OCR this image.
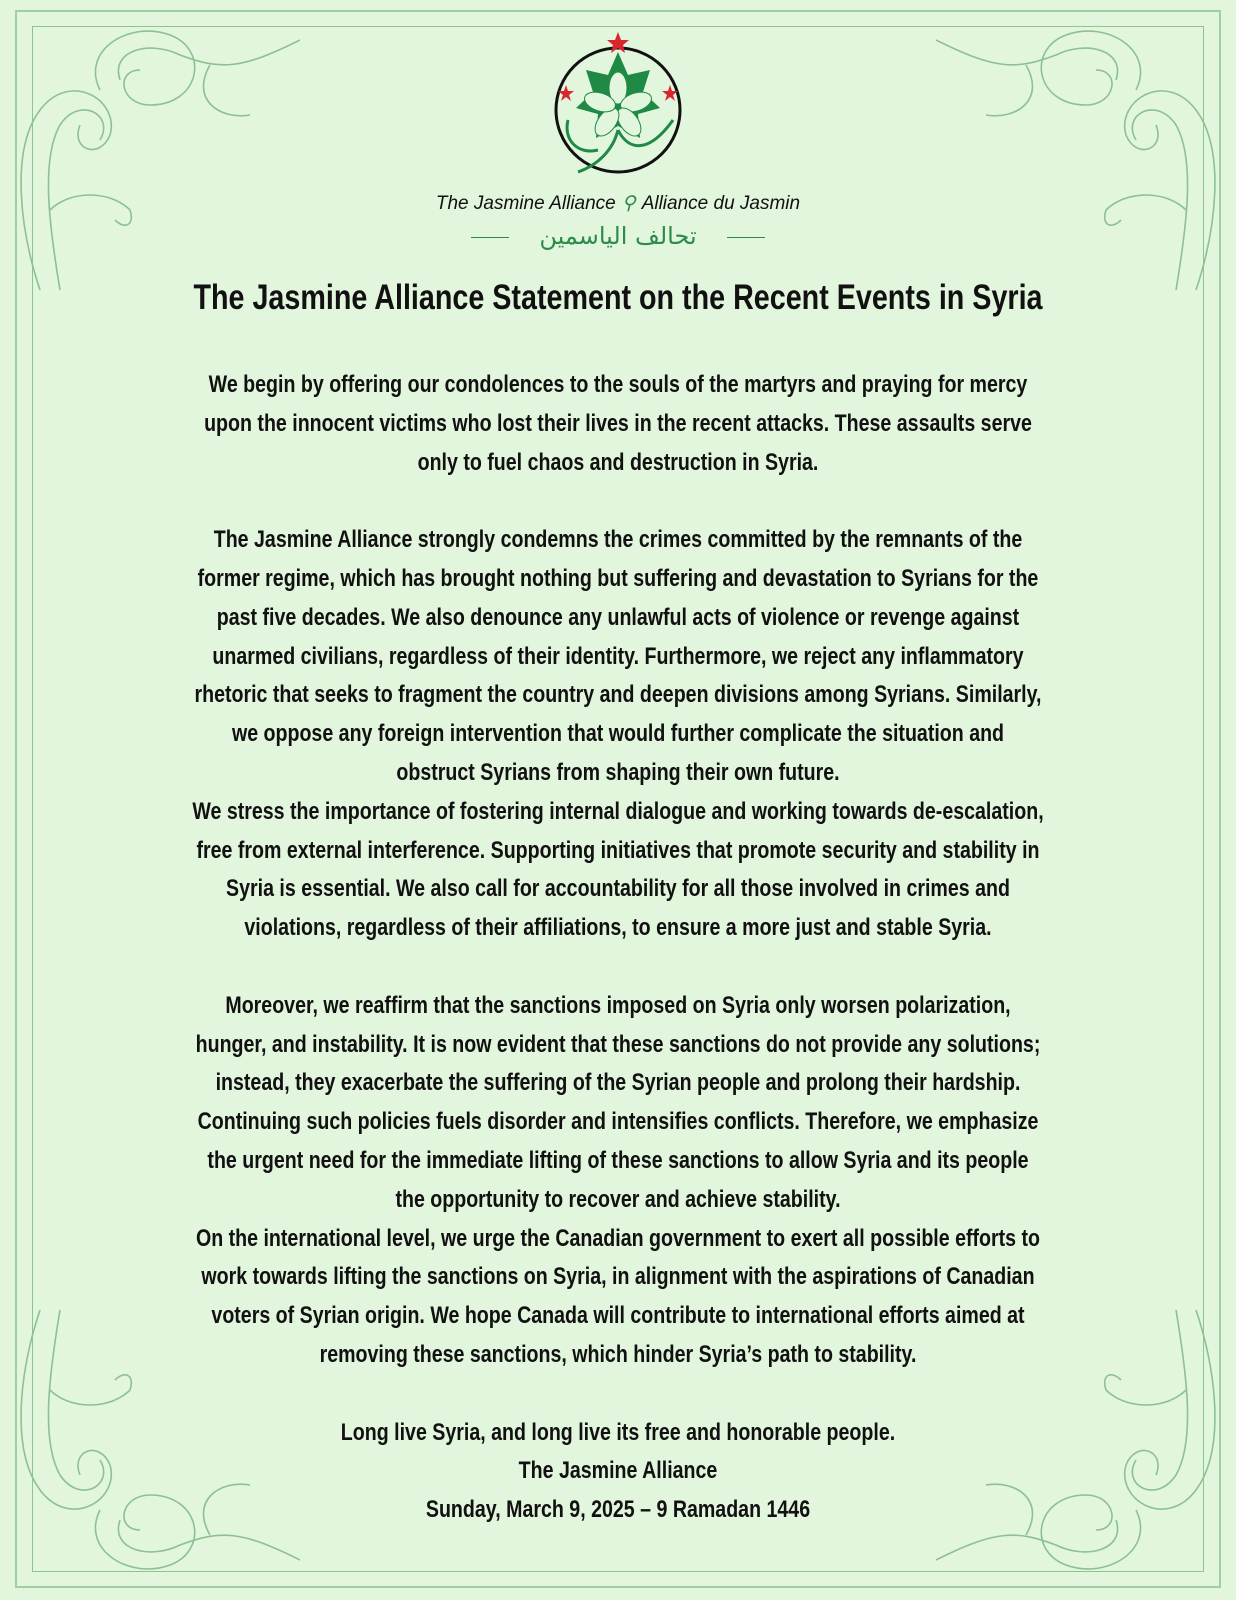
The Jasmine Alliance ⚲ Alliance du Jasmin
تحالف الياسمين
The Jasmine Alliance Statement on the Recent Events in Syria
We begin by offering our condolences to the souls of the martyrs and praying for mercy
upon the innocent victims who lost their lives in the recent attacks. These assaults serve
only to fuel chaos and destruction in Syria.
The Jasmine Alliance strongly condemns the crimes committed by the remnants of the
former regime, which has brought nothing but suffering and devastation to Syrians for the
past five decades. We also denounce any unlawful acts of violence or revenge against
unarmed civilians, regardless of their identity. Furthermore, we reject any inflammatory
rhetoric that seeks to fragment the country and deepen divisions among Syrians. Similarly,
we oppose any foreign intervention that would further complicate the situation and
obstruct Syrians from shaping their own future.
We stress the importance of fostering internal dialogue and working towards de-escalation,
free from external interference. Supporting initiatives that promote security and stability in
Syria is essential. We also call for accountability for all those involved in crimes and
violations, regardless of their affiliations, to ensure a more just and stable Syria.
Moreover, we reaffirm that the sanctions imposed on Syria only worsen polarization,
hunger, and instability. It is now evident that these sanctions do not provide any solutions;
instead, they exacerbate the suffering of the Syrian people and prolong their hardship.
Continuing such policies fuels disorder and intensifies conflicts. Therefore, we emphasize
the urgent need for the immediate lifting of these sanctions to allow Syria and its people
the opportunity to recover and achieve stability.
On the international level, we urge the Canadian government to exert all possible efforts to
work towards lifting the sanctions on Syria, in alignment with the aspirations of Canadian
voters of Syrian origin. We hope Canada will contribute to international efforts aimed at
removing these sanctions, which hinder Syria’s path to stability.
Long live Syria, and long live its free and honorable people.
The Jasmine Alliance
Sunday, March 9, 2025 – 9 Ramadan 1446
